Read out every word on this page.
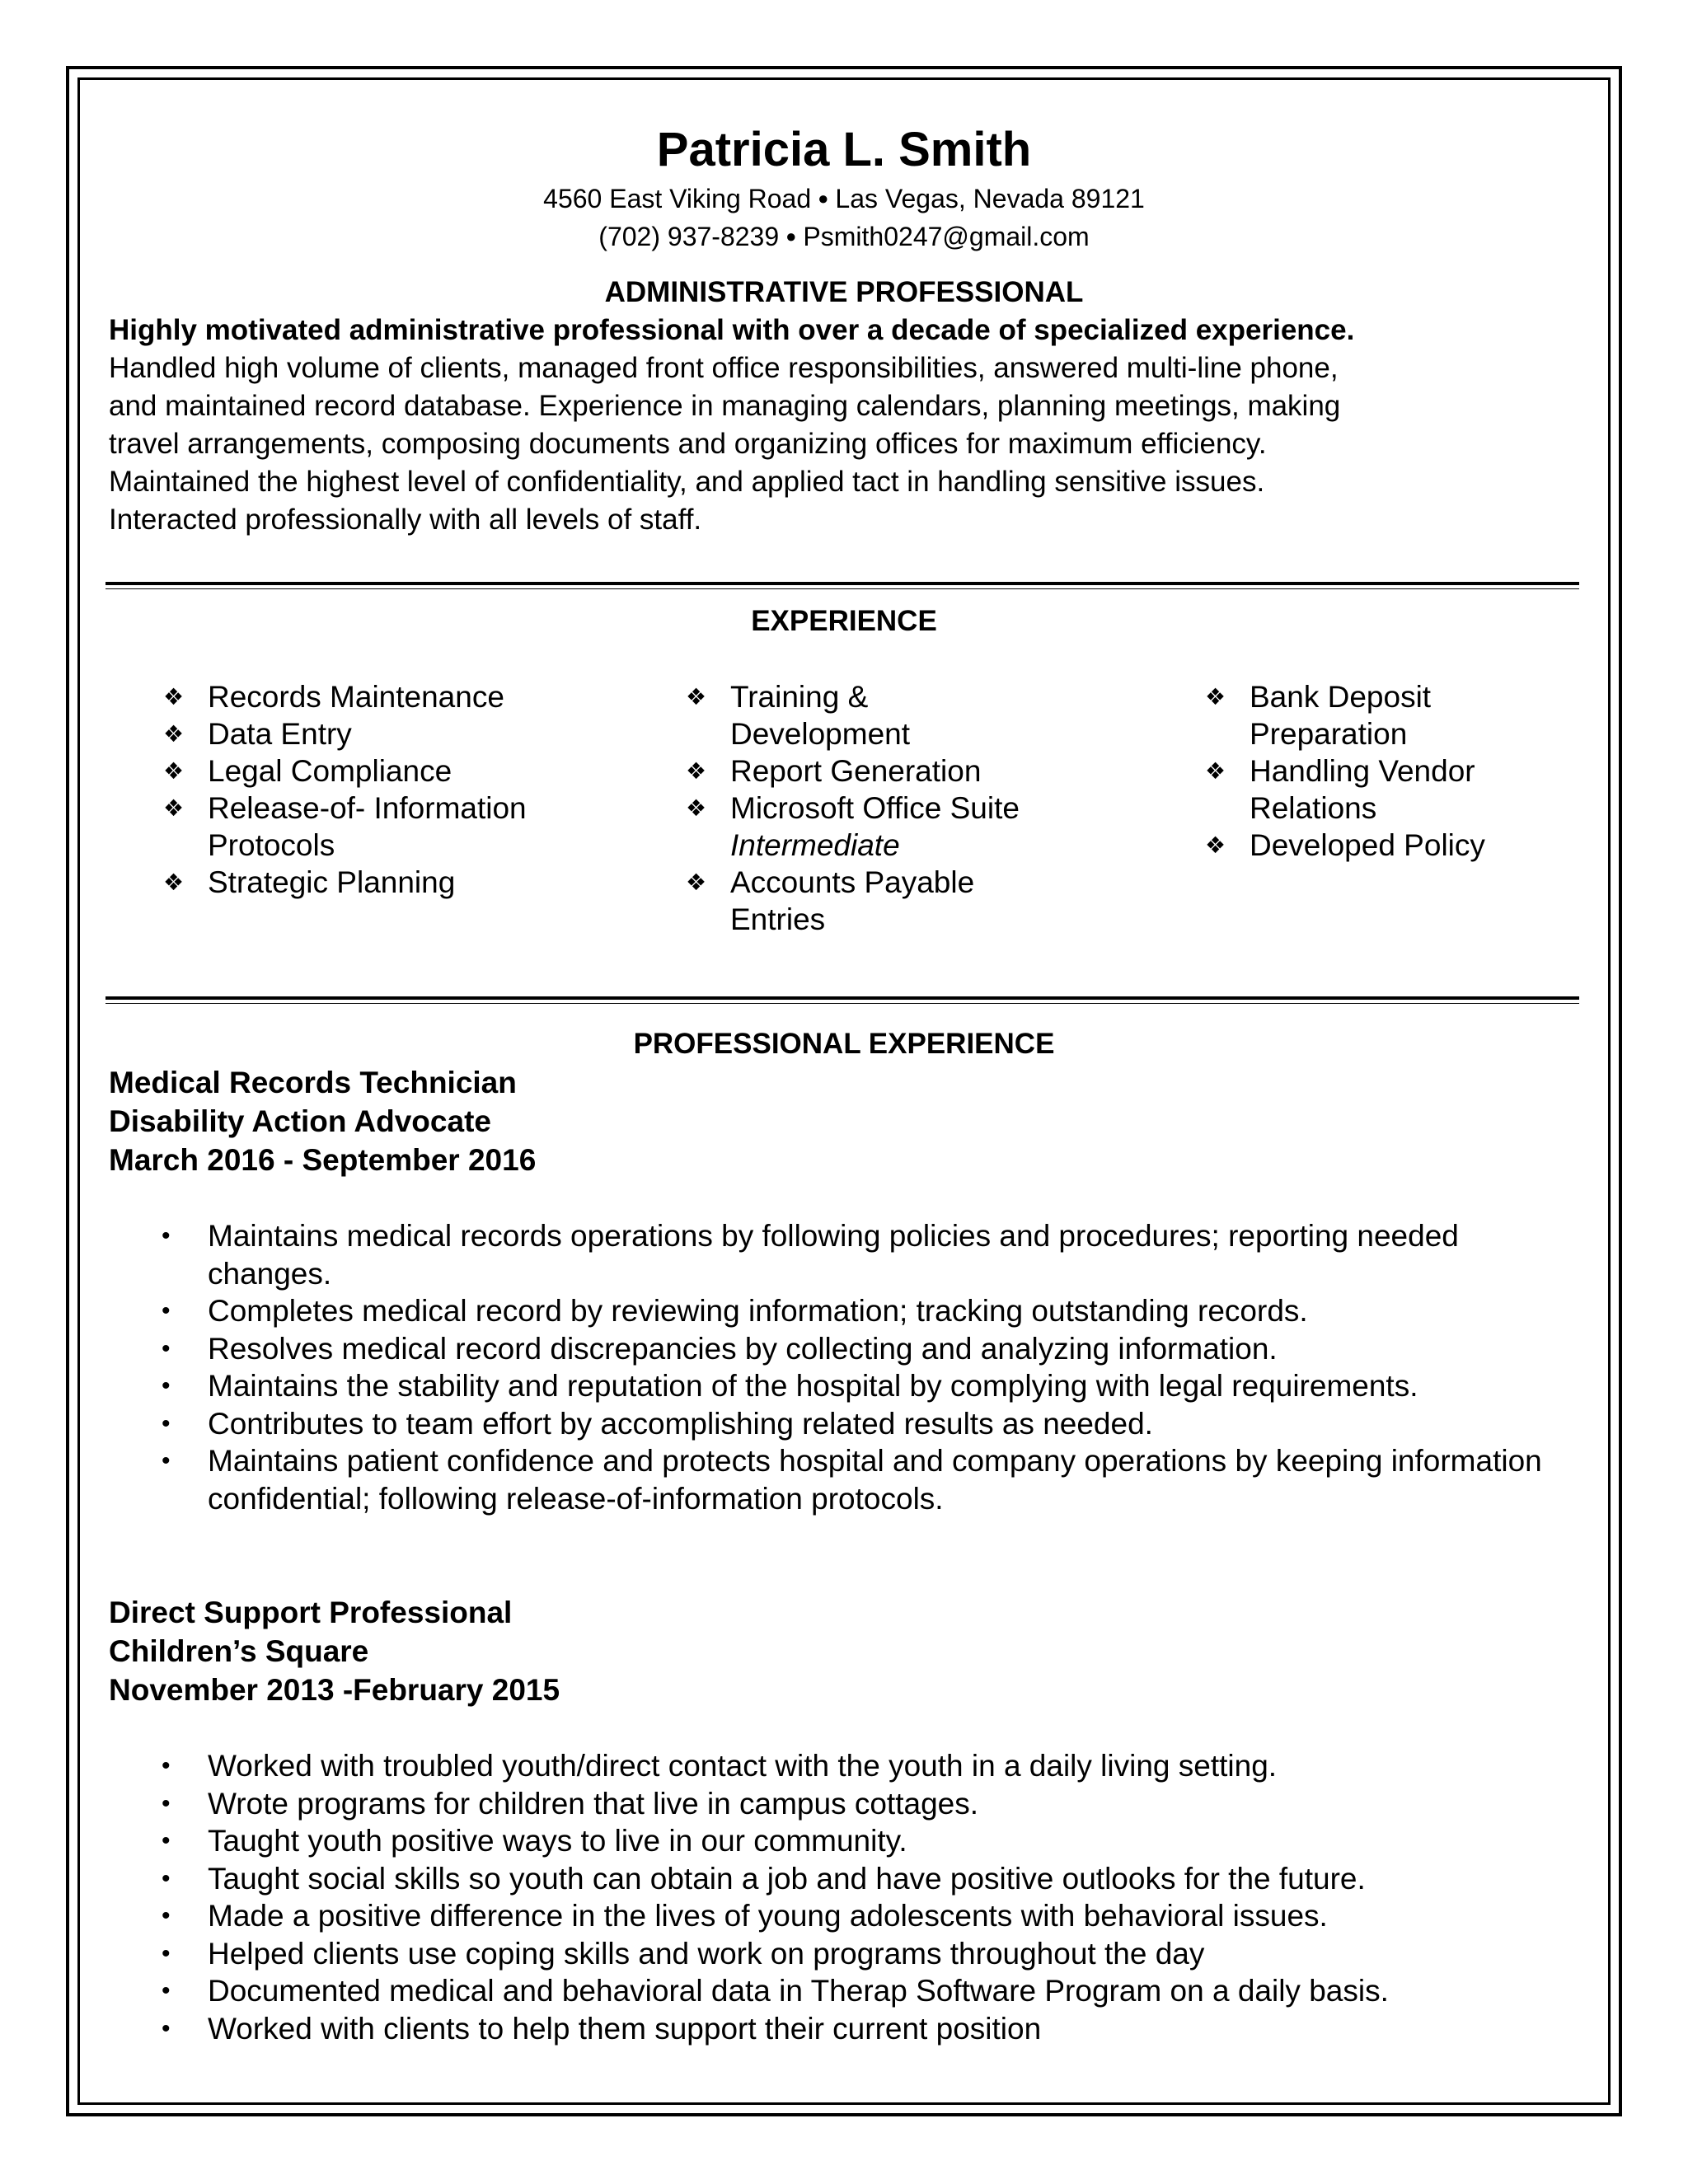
Patricia L. Smith
4560 East Viking Road ● Las Vegas, Nevada 89121
(702) 937-8239 ● Psmith0247@gmail.com
ADMINISTRATIVE PROFESSIONAL
Highly motivated administrative professional with over a decade of specialized experience.

Handled high volume of clients, managed front office responsibilities, answered multi-line phone,

and maintained record database. Experience in managing calendars, planning meetings, making

travel arrangements, composing documents and organizing offices for maximum efficiency.

Maintained the highest level of confidentiality, and applied tact in handling sensitive issues.

Interacted professionally with all levels of staff.

EXPERIENCE
❖ Records Maintenance
❖ Data Entry
❖ Legal Compliance
❖ Release-of- Information Protocols
❖ Strategic Planning
❖ Training & Development
❖ Report Generation
❖ Microsoft Office Suite
Intermediate
❖ Accounts Payable Entries
❖ Bank Deposit Preparation
❖ Handling Vendor Relations
❖ Developed Policy
PROFESSIONAL EXPERIENCE
Medical Records Technician
Disability Action Advocate
March 2016 - September 2016
• Maintains medical records operations by following policies and procedures; reporting needed changes.
• Completes medical record by reviewing information; tracking outstanding records.
• Resolves medical record discrepancies by collecting and analyzing information.
• Maintains the stability and reputation of the hospital by complying with legal requirements.
• Contributes to team effort by accomplishing related results as needed.
• Maintains patient confidence and protects hospital and company operations by keeping information confidential; following release-of-information protocols.
Direct Support Professional
Children’s Square
November 2013 -February 2015
• Worked with troubled youth/direct contact with the youth in a daily living setting.
• Wrote programs for children that live in campus cottages.
• Taught youth positive ways to live in our community.
• Taught social skills so youth can obtain a job and have positive outlooks for the future.
• Made a positive difference in the lives of young adolescents with behavioral issues.
• Helped clients use coping skills and work on programs throughout the day
• Documented medical and behavioral data in Therap Software Program on a daily basis.
• Worked with clients to help them support their current position
